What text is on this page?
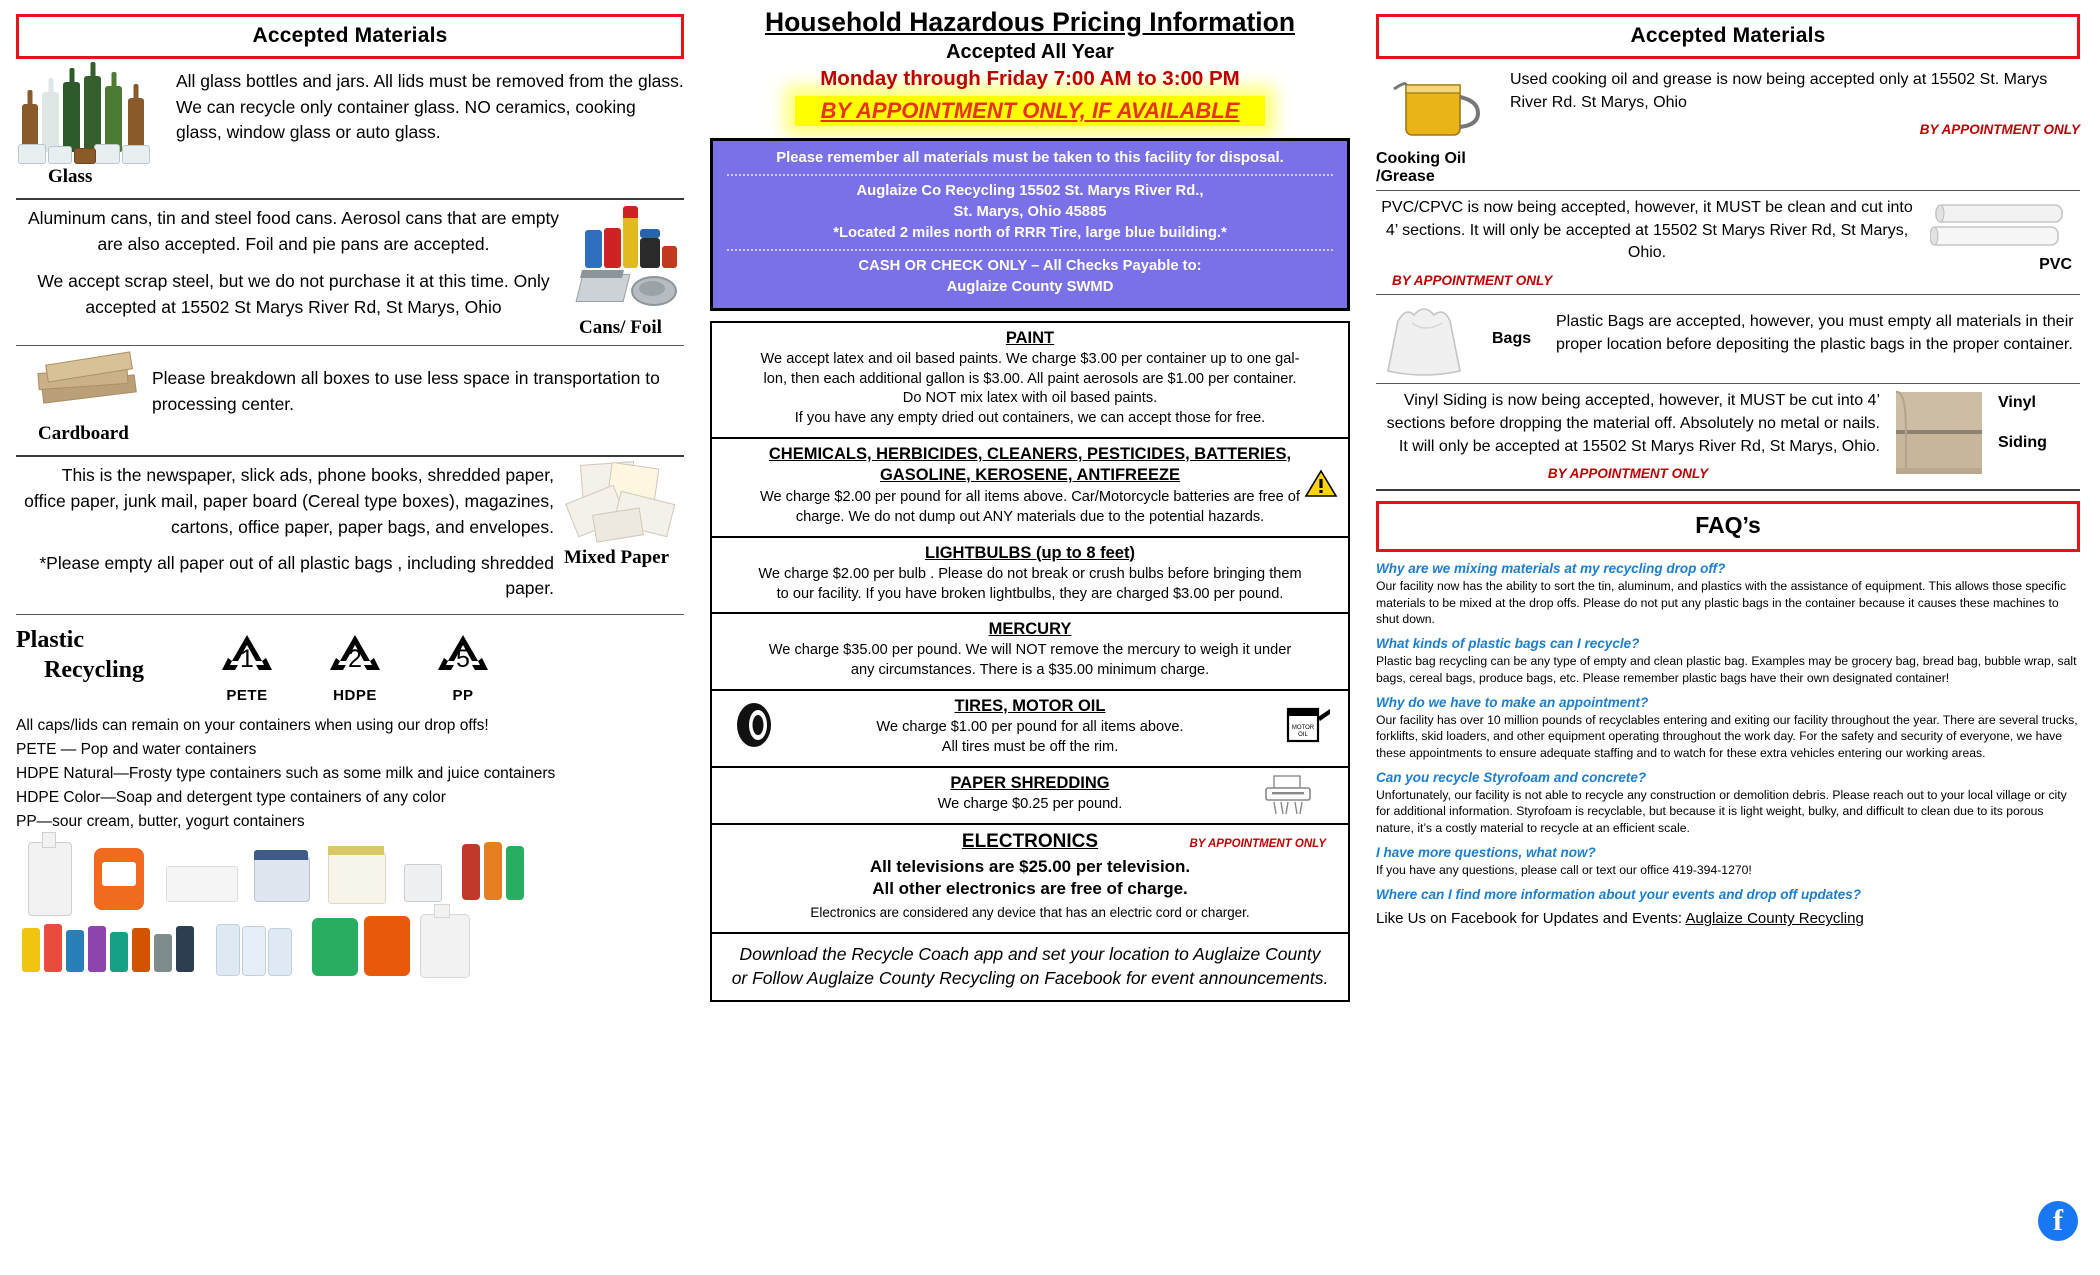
Accepted Materials
All glass bottles and jars. All lids must be removed from the glass. We can recycle only container glass. NO ceramics, cooking glass, window glass or auto glass.
Glass
Aluminum cans, tin and steel food cans. Aerosol cans that are empty are also accepted. Foil and pie pans are accepted.
We accept scrap steel, but we do not purchase it at this time. Only accepted at 15502 St Marys River Rd, St Marys, Ohio

Cans/ Foil
Please breakdown all boxes to use less space in transportation to processing center.
Cardboard
This is the newspaper, slick ads, phone books, shredded paper, office paper, junk mail, paper board (Cereal type boxes), magazines, cartons, office paper, paper bags, and envelopes.
*Please empty all paper out of all plastic bags , including shredded paper.
Mixed Paper
Plastic
Recycling	1
PETE
2
HDPE
5
PP
All caps/lids can remain on your containers when using our drop offs!
PETE — Pop and water containers
HDPE Natural—Frosty type containers such as some milk and juice containers
HDPE Color—Soap and detergent type containers of any color
PP—sour cream, butter, yogurt containers
Household Hazardous Pricing Information
Accepted All Year
Monday through Friday 7:00 AM to 3:00 PM
BY APPOINTMENT ONLY, IF AVAILABLE
Please remember all materials must be taken to this facility for disposal.
Auglaize Co Recycling 15502 St. Marys River Rd.,
St. Marys, Ohio 45885
*Located 2 miles north of RRR Tire, large blue building.*
CASH OR CHECK ONLY – All Checks Payable to:
Auglaize County SWMD
PAINT
We accept latex and oil based paints. We charge $3.00 per container up to one gal-
lon, then each additional gallon is $3.00. All paint aerosols are $1.00 per container.
Do NOT mix latex with oil based paints.
If you have any empty dried out containers, we can accept those for free.
CHEMICALS, HERBICIDES, CLEANERS, PESTICIDES, BATTERIES,
GASOLINE, KEROSENE, ANTIFREEZE
We charge $2.00 per pound for all items above. Car/Motorcycle batteries are free of
charge. We do not dump out ANY materials due to the potential hazards.
LIGHTBULBS (up to 8 feet)
We charge $2.00 per bulb . Please do not break or crush bulbs before bringing them
to our facility. If you have broken lightbulbs, they are charged $3.00 per pound.
MERCURY
We charge $35.00 per pound. We will NOT remove the mercury to weigh it under
any circumstances. There is a $35.00 minimum charge.
MOTOR
OIL
TIRES, MOTOR OIL
We charge $1.00 per pound for all items above.
All tires must be off the rim.
PAPER SHREDDING
We charge $0.25 per pound.
ELECTRONICS	BY APPOINTMENT ONLY
All televisions are $25.00 per television.
All other electronics are free of charge.
Electronics are considered any device that has an electric cord or charger.
Download the Recycle Coach app and set your location to Auglaize County or Follow Auglaize County Recycling on Facebook for event announcements.
Accepted Materials
Cooking Oil /Grease
Used cooking oil and grease is now being accepted only at 15502 St. Marys River Rd. St Marys, Ohio
BY APPOINTMENT ONLY
PVC/CPVC is now being accepted, however, it MUST be clean and cut into 4’ sections. It will only be accepted at 15502 St Marys River Rd, St Marys, Ohio.
BY APPOINTMENT ONLY
PVC
Bags
Plastic Bags are accepted, however, you must empty all materials in their proper location before depositing the plastic bags in the proper container.
Vinyl Siding is now being accepted, however, it MUST be cut into 4’ sections before dropping the material off. Absolutely no metal or nails. It will only be accepted at 15502 St Marys River Rd, St Marys, Ohio.
BY APPOINTMENT ONLY
Vinyl
Siding
FAQ’s
Why are we mixing materials at my recycling drop off?
Our facility now has the ability to sort the tin, aluminum, and plastics with the assistance of equipment. This allows those specific materials to be mixed at the drop offs. Please do not put any plastic bags in the container because it causes these machines to shut down.
What kinds of plastic bags can I recycle?
Plastic bag recycling can be any type of empty and clean plastic bag. Examples may be grocery bag, bread bag, bubble wrap, salt bags, cereal bags, produce bags, etc. Please remember plastic bags have their own designated container!
Why do we have to make an appointment?
Our facility has over 10 million pounds of recyclables entering and exiting our facility throughout the year. There are several trucks, forklifts, skid loaders, and other equipment operating throughout the work day. For the safety and security of everyone, we have these appointments to ensure adequate staffing and to watch for these extra vehicles entering our working areas.
Can you recycle Styrofoam and concrete?
Unfortunately, our facility is not able to recycle any construction or demolition debris. Please reach out to your local village or city for additional information. Styrofoam is recyclable, but because it is light weight, bulky, and difficult to clean due to its porous nature, it’s a costly material to recycle at an efficient scale.
I have more questions, what now?
If you have any questions, please call or text our office 419-394-1270!
Where can I find more information about your events and drop off updates?
Like Us on Facebook for Updates and Events: Auglaize County Recycling
f
